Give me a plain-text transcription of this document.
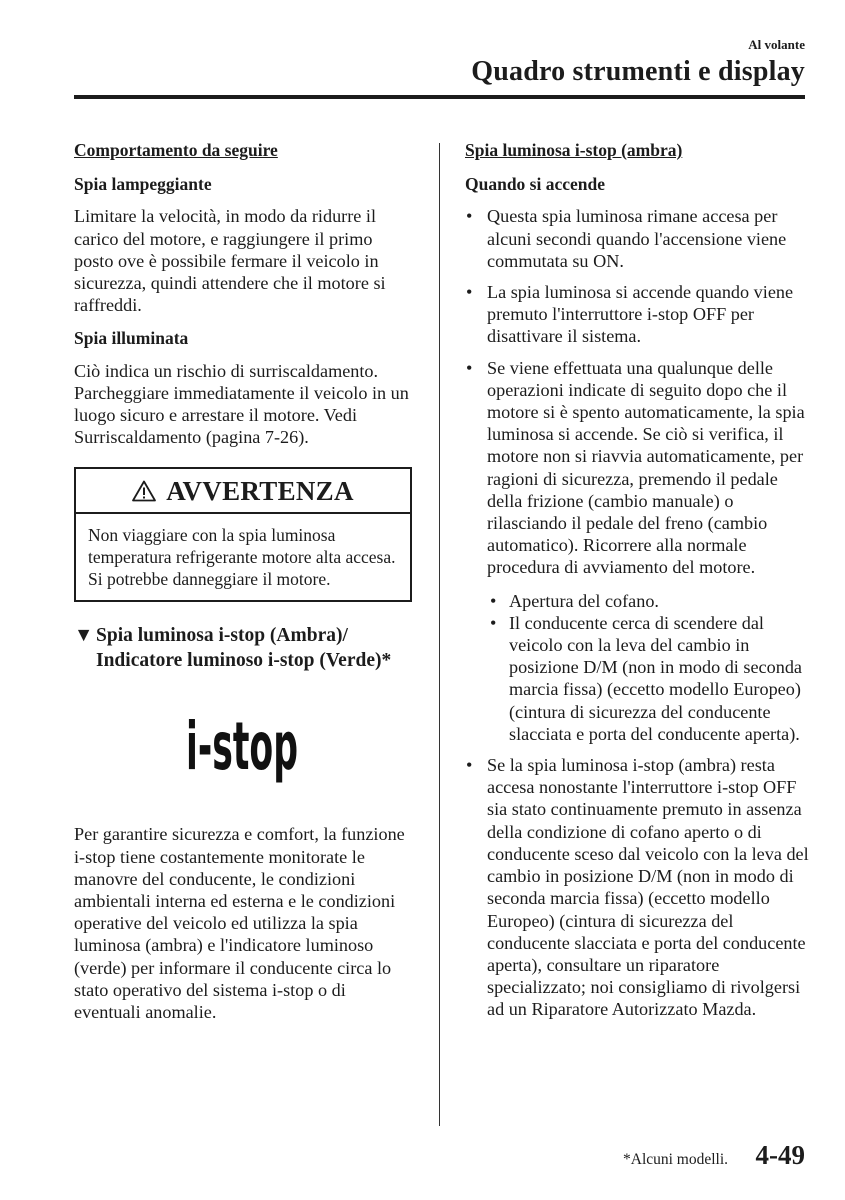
Al volante
Quadro strumenti e display
Comportamento da seguire
Spia lampeggiante

Limitare la velocità, in modo da ridurre il carico del motore, e raggiungere il primo posto ove è possibile fermare il veicolo in sicurezza, quindi attendere che il motore si raffreddi.

Spia illuminata

Ciò indica un rischio di surriscaldamento. Parcheggiare immediatamente il veicolo in un luogo sicuro e arrestare il motore. Vedi Surriscaldamento (pagina 7-26).

AVVERTENZA
Non viaggiare con la spia luminosa temperatura refrigerante motore alta accesa. Si potrebbe danneggiare il motore.
▼ Spia luminosa i-stop (Ambra)/ Indicatore luminoso i-stop (Verde)*
i-stop

Per garantire sicurezza e comfort, la funzione i-stop tiene costantemente monitorate le manovre del conducente, le condizioni ambientali interna ed esterna e le condizioni operative del veicolo ed utilizza la spia luminosa (ambra) e l'indicatore luminoso (verde) per informare il conducente circa lo stato operativo del sistema i-stop o di eventuali anomalie.

Spia luminosa i-stop (ambra)
Quando si accende
• Questa spia luminosa rimane accesa per alcuni secondi quando l'accensione viene commutata su ON.
• La spia luminosa si accende quando viene premuto l'interruttore i-stop OFF per disattivare il sistema.
• Se viene effettuata una qualunque delle operazioni indicate di seguito dopo che il motore si è spento automaticamente, la spia luminosa si accende. Se ciò si verifica, il motore non si riavvia automaticamente, per ragioni di sicurezza, premendo il pedale della frizione (cambio manuale) o rilasciando il pedale del freno (cambio automatico). Ricorrere alla normale procedura di avviamento del motore.
• Apertura del cofano.
• Il conducente cerca di scendere dal veicolo con la leva del cambio in posizione D/M (non in modo di seconda marcia fissa) (eccetto modello Europeo) (cintura di sicurezza del conducente slacciata e porta del conducente aperta).
• Se la spia luminosa i-stop (ambra) resta accesa nonostante l'interruttore i-stop OFF sia stato continuamente premuto in assenza della condizione di cofano aperto o di conducente sceso dal veicolo con la leva del cambio in posizione D/M (non in modo di seconda marcia fissa) (eccetto modello Europeo) (cintura di sicurezza del conducente slacciata e porta del conducente aperta), consultare un riparatore specializzato; noi consigliamo di rivolgersi ad un Riparatore Autorizzato Mazda.
*Alcuni modelli. 4-49
